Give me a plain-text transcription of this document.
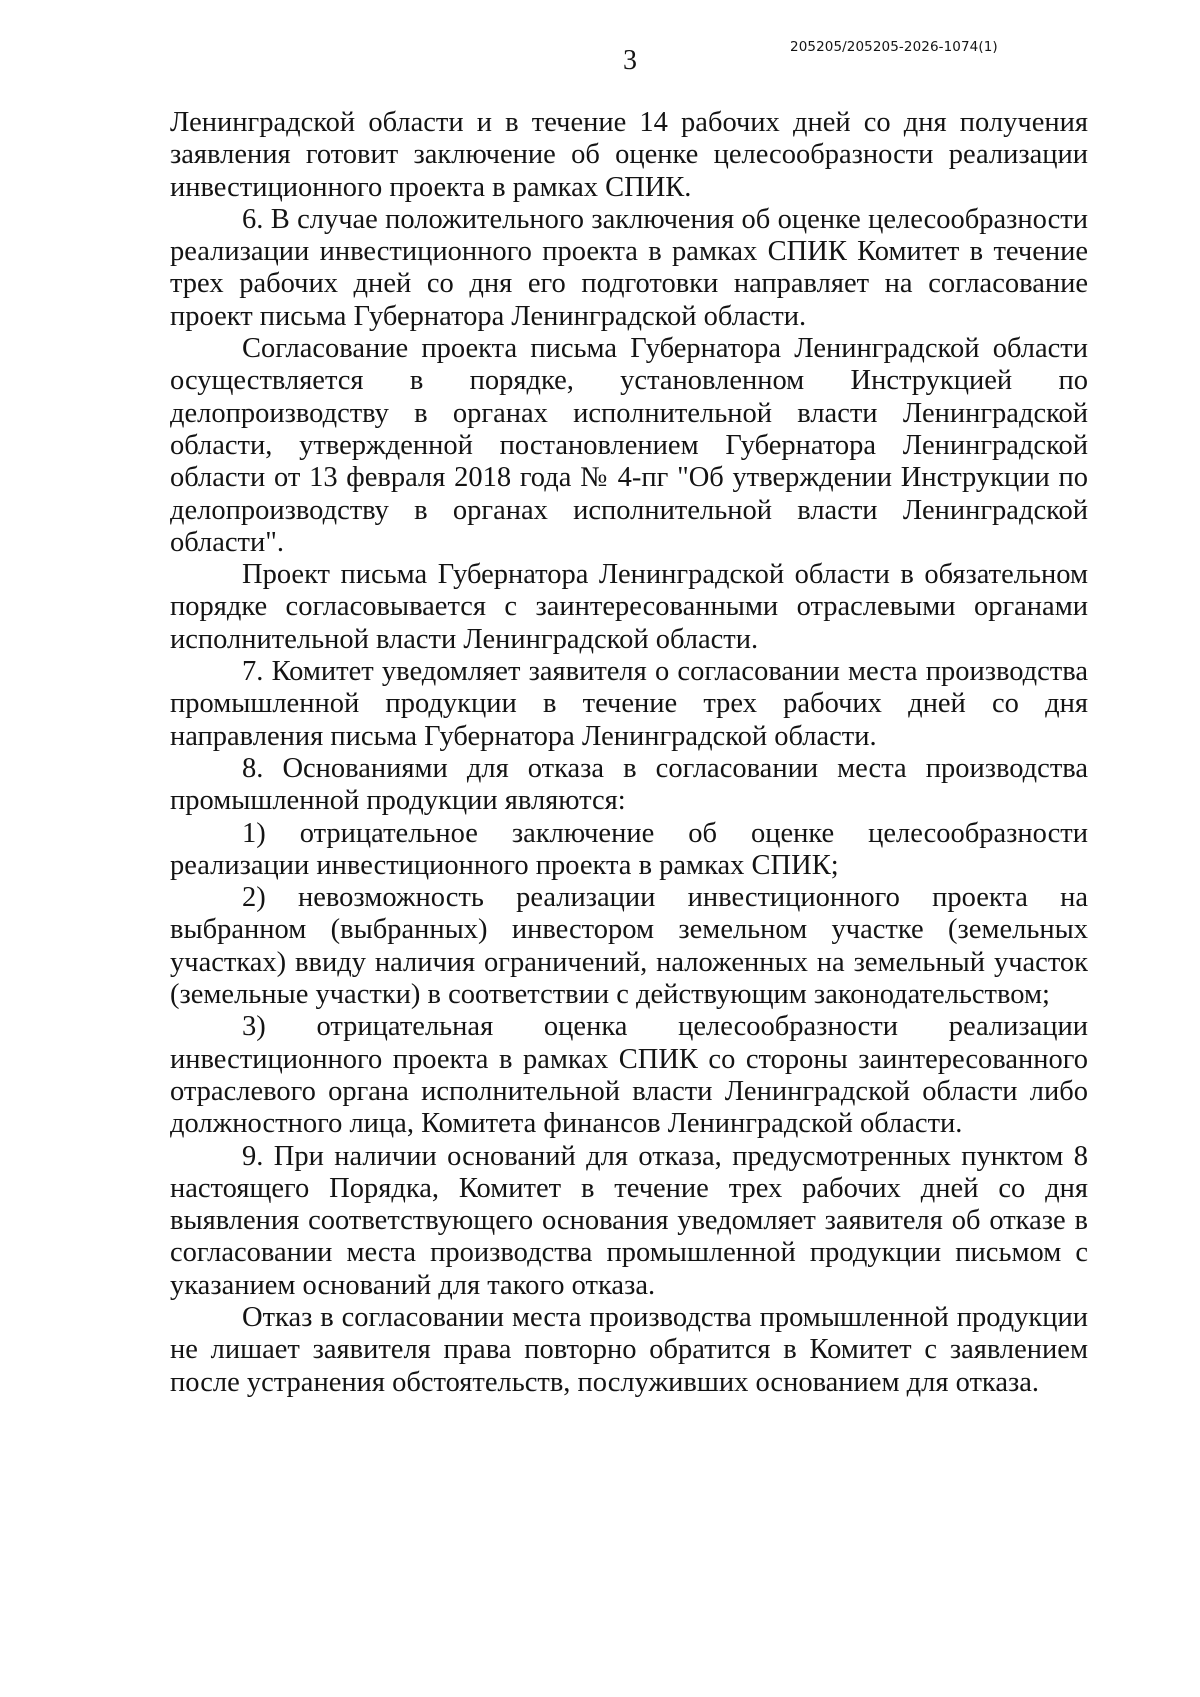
3	205205/205205-2026-1074(1)

Ленинградской области и в течение 14 рабочих дней со дня получения заявления готовит заключение об оценке целесообразности реализации инвестиционного проекта в рамках СПИК.

6. В случае положительного заключения об оценке целесообразности реализации инвестиционного проекта в рамках СПИК Комитет в течение трех рабочих дней со дня его подготовки направляет на согласование проект письма Губернатора Ленинградской области.

Согласование проекта письма Губернатора Ленинградской области осуществляется в порядке, установленном Инструкцией по делопроизводству в органах исполнительной власти Ленинградской области, утвержденной постановлением Губернатора Ленинградской области от 13 февраля 2018 года № 4-пг "Об утверждении Инструкции по делопроизводству в органах исполнительной власти Ленинградской области".

Проект письма Губернатора Ленинградской области в обязательном порядке согласовывается с заинтересованными отраслевыми органами исполнительной власти Ленинградской области.

7. Комитет уведомляет заявителя о согласовании места производства промышленной продукции в течение трех рабочих дней со дня направления письма Губернатора Ленинградской области.

8. Основаниями для отказа в согласовании места производства промышленной продукции являются:

1) отрицательное заключение об оценке целесообразности реализации инвестиционного проекта в рамках СПИК;

2) невозможность реализации инвестиционного проекта на выбранном (выбранных) инвестором земельном участке (земельных участках) ввиду наличия ограничений, наложенных на земельный участок (земельные участки) в соответствии с действующим законодательством;

3) отрицательная оценка целесообразности реализации инвестиционного проекта в рамках СПИК со стороны заинтересованного отраслевого органа исполнительной власти Ленинградской области либо должностного лица, Комитета финансов Ленинградской области.

9. При наличии оснований для отказа, предусмотренных пунктом 8 настоящего Порядка, Комитет в течение трех рабочих дней со дня выявления соответствующего основания уведомляет заявителя об отказе в согласовании места производства промышленной продукции письмом с указанием оснований для такого отказа.

Отказ в согласовании места производства промышленной продукции не лишает заявителя права повторно обратится в Комитет с заявлением после устранения обстоятельств, послуживших основанием для отказа.
